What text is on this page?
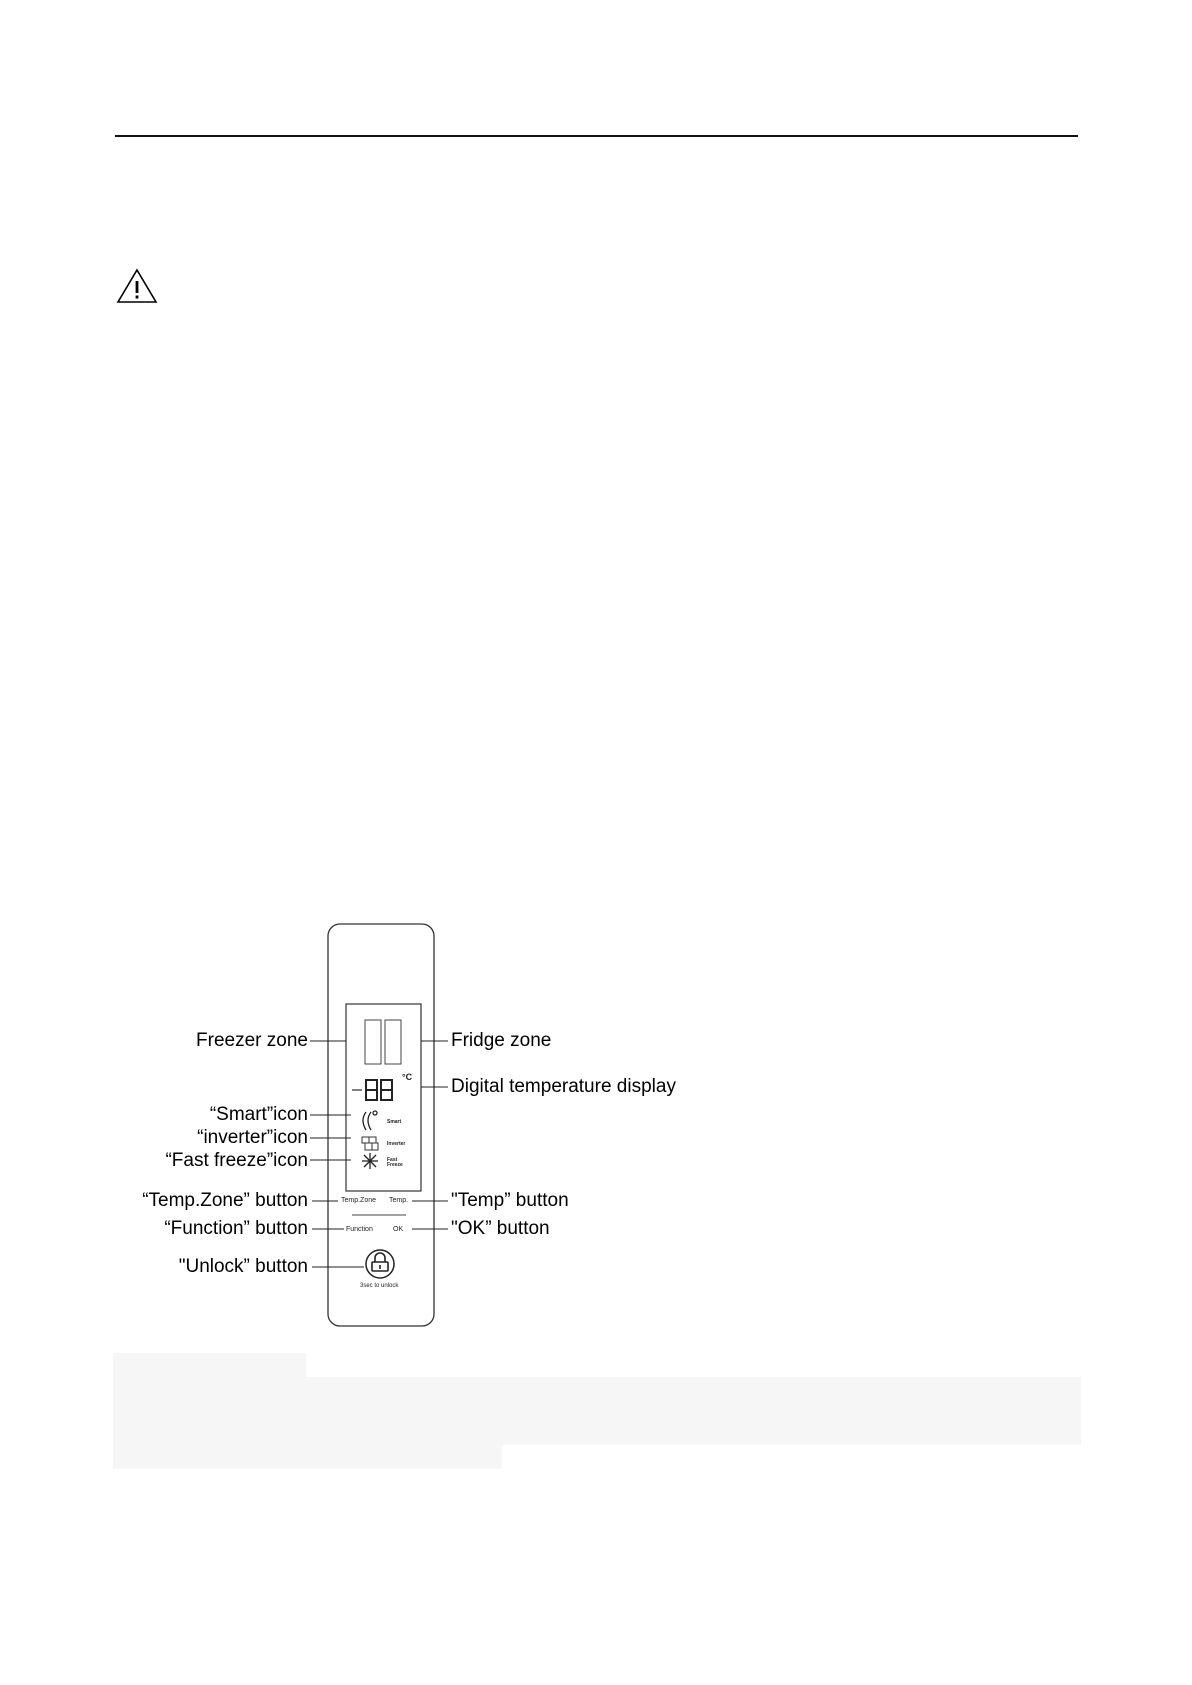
°C
Smart
Inverter
Fast Freeze
Temp.Zone Temp.
Function	OK
3sec to unlock
Freezer zone	Fridge zone
Digital temperature display
“Smart”icon
“inverter”icon
“Fast freeze”icon
“Temp.Zone” button	"Temp” button
“Function” button	"OK” button
"Unlock” button
